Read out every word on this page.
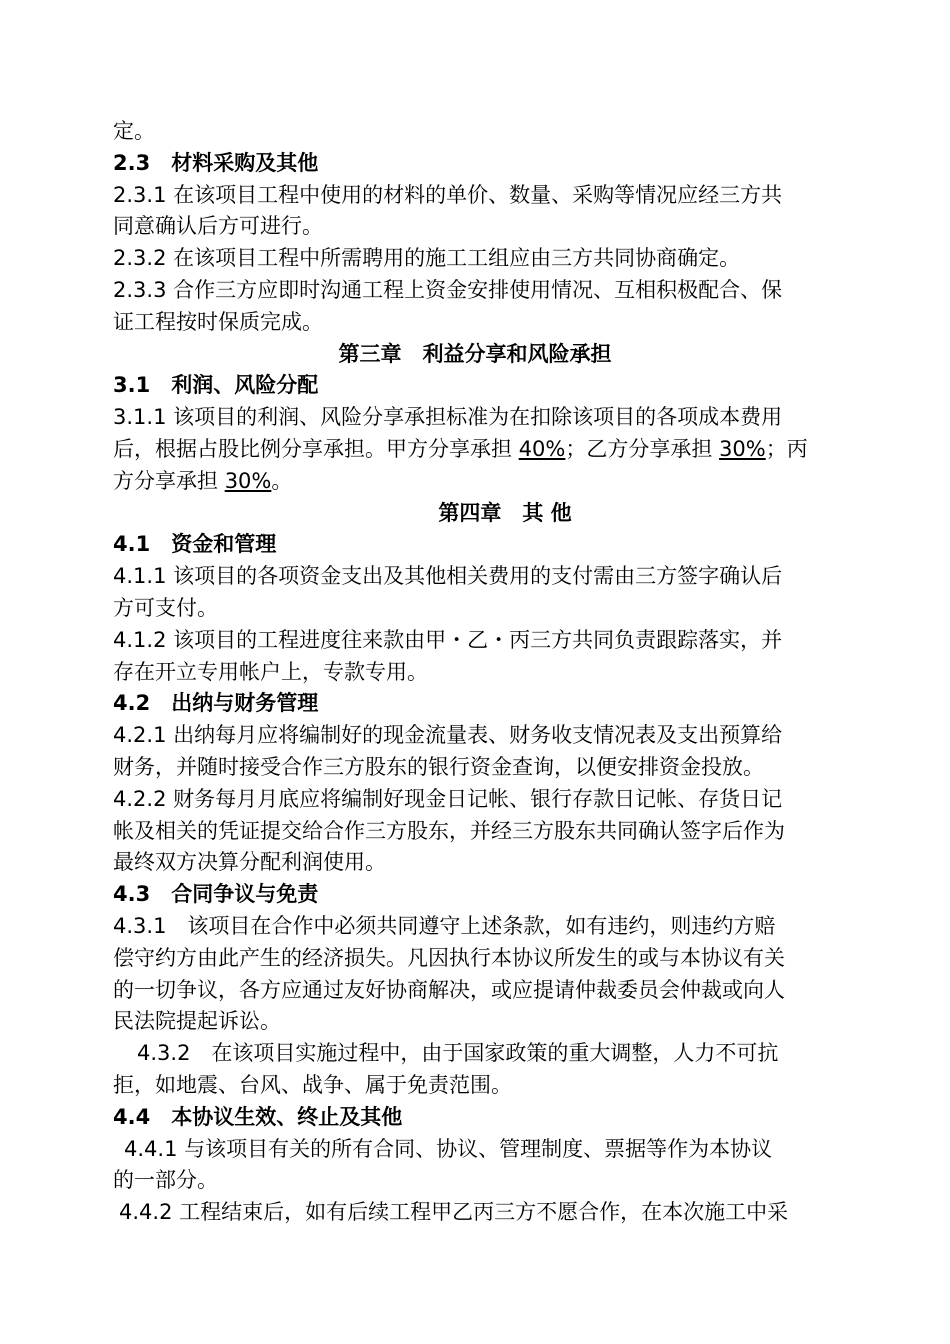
定。
2.3　材料采购及其他
2.3.1 在该项目工程中使用的材料的单价、数量、采购等情况应经三方共
同意确认后方可进行。
2.3.2 在该项目工程中所需聘用的施工工组应由三方共同协商确定。
2.3.3 合作三方应即时沟通工程上资金安排使用情况、互相积极配合、保
证工程按时保质完成。
第三章　利益分享和风险承担
3.1　利润、风险分配
3.1.1 该项目的利润、风险分享承担标准为在扣除该项目的各项成本费用
后，根据占股比例分享承担。甲方分享承担 40%；乙方分享承担 30%；丙
方分享承担 30%。
第四章　其 他
4.1　资金和管理
4.1.1 该项目的各项资金支出及其他相关费用的支付需由三方签字确认后
方可支付。
4.1.2 该项目的工程进度往来款由甲・乙・丙三方共同负责跟踪落实，并
存在开立专用帐户上，专款专用。
4.2　出纳与财务管理
4.2.1 出纳每月应将编制好的现金流量表、财务收支情况表及支出预算给
财务，并随时接受合作三方股东的银行资金查询，以便安排资金投放。
4.2.2 财务每月月底应将编制好现金日记帐、银行存款日记帐、存货日记
帐及相关的凭证提交给合作三方股东，并经三方股东共同确认签字后作为
最终双方决算分配利润使用。
4.3　合同争议与免责
4.3.1　该项目在合作中必须共同遵守上述条款，如有违约，则违约方赔
偿守约方由此产生的经济损失。凡因执行本协议所发生的或与本协议有关
的一切争议，各方应通过友好协商解决，或应提请仲裁委员会仲裁或向人
民法院提起诉讼。
4.3.2　在该项目实施过程中，由于国家政策的重大调整，人力不可抗
拒，如地震、台风、战争、属于免责范围。
4.4　本协议生效、终止及其他
4.4.1 与该项目有关的所有合同、协议、管理制度、票据等作为本协议
的一部分。
4.4.2 工程结束后，如有后续工程甲乙丙三方不愿合作，在本次施工中采
